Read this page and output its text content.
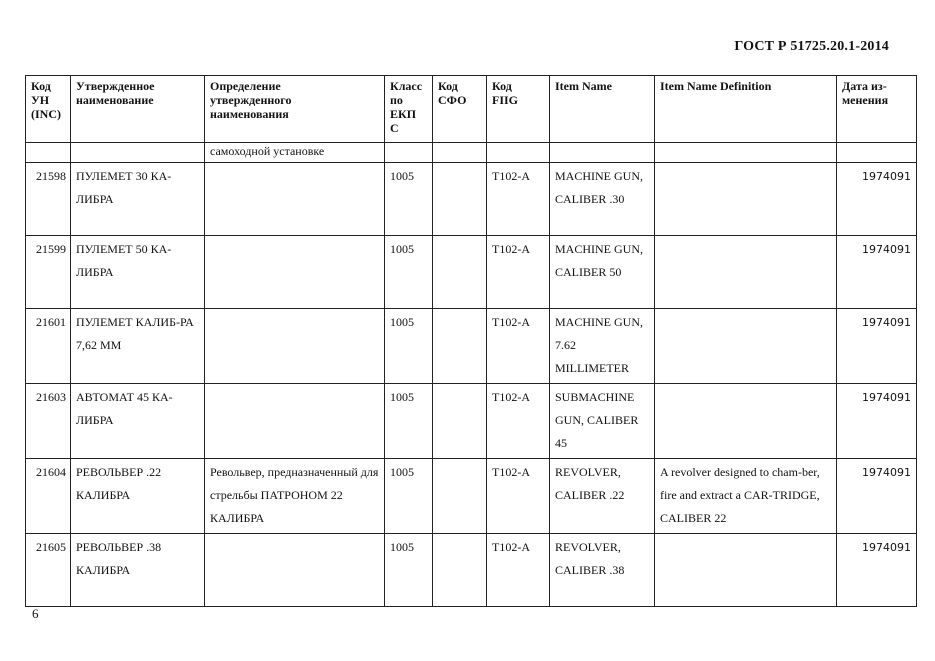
ГОСТ Р 51725.20.1-2014
Код
УН
(INC)	Утвержденное
наименование	Определение
утвержденного
наименования	Класс
по
ЕКП
С	Код
СФО	Код
FIIG	Item Name	Item Name Definition	Дата из-
менения
		самоходной установке						
21598	ПУЛЕМЕТ 30 КА-ЛИБРА		1005		T102-A	MACHINE GUN, CALIBER .30		1974091
21599	ПУЛЕМЕТ 50 КА-ЛИБРА		1005		T102-A	MACHINE GUN, CALIBER 50		1974091
21601	ПУЛЕМЕТ КАЛИБ-РА 7,62 ММ		1005		T102-A	MACHINE GUN, 7.62 MILLIMETER		1974091
21603	АВТОМАТ 45 КА-ЛИБРА		1005		T102-A	SUBMACHINE GUN, CALIBER 45		1974091
21604	РЕВОЛЬВЕР .22 КАЛИБРА	Револьвер, предназначенный для стрельбы ПАТРОНОМ 22 КАЛИБРА	1005		T102-A	REVOLVER, CALIBER .22	A revolver designed to cham-ber, fire and extract a CAR-TRIDGE, CALIBER 22	1974091
21605	РЕВОЛЬВЕР .38 КАЛИБРА		1005		T102-A	REVOLVER, CALIBER .38		1974091
6
